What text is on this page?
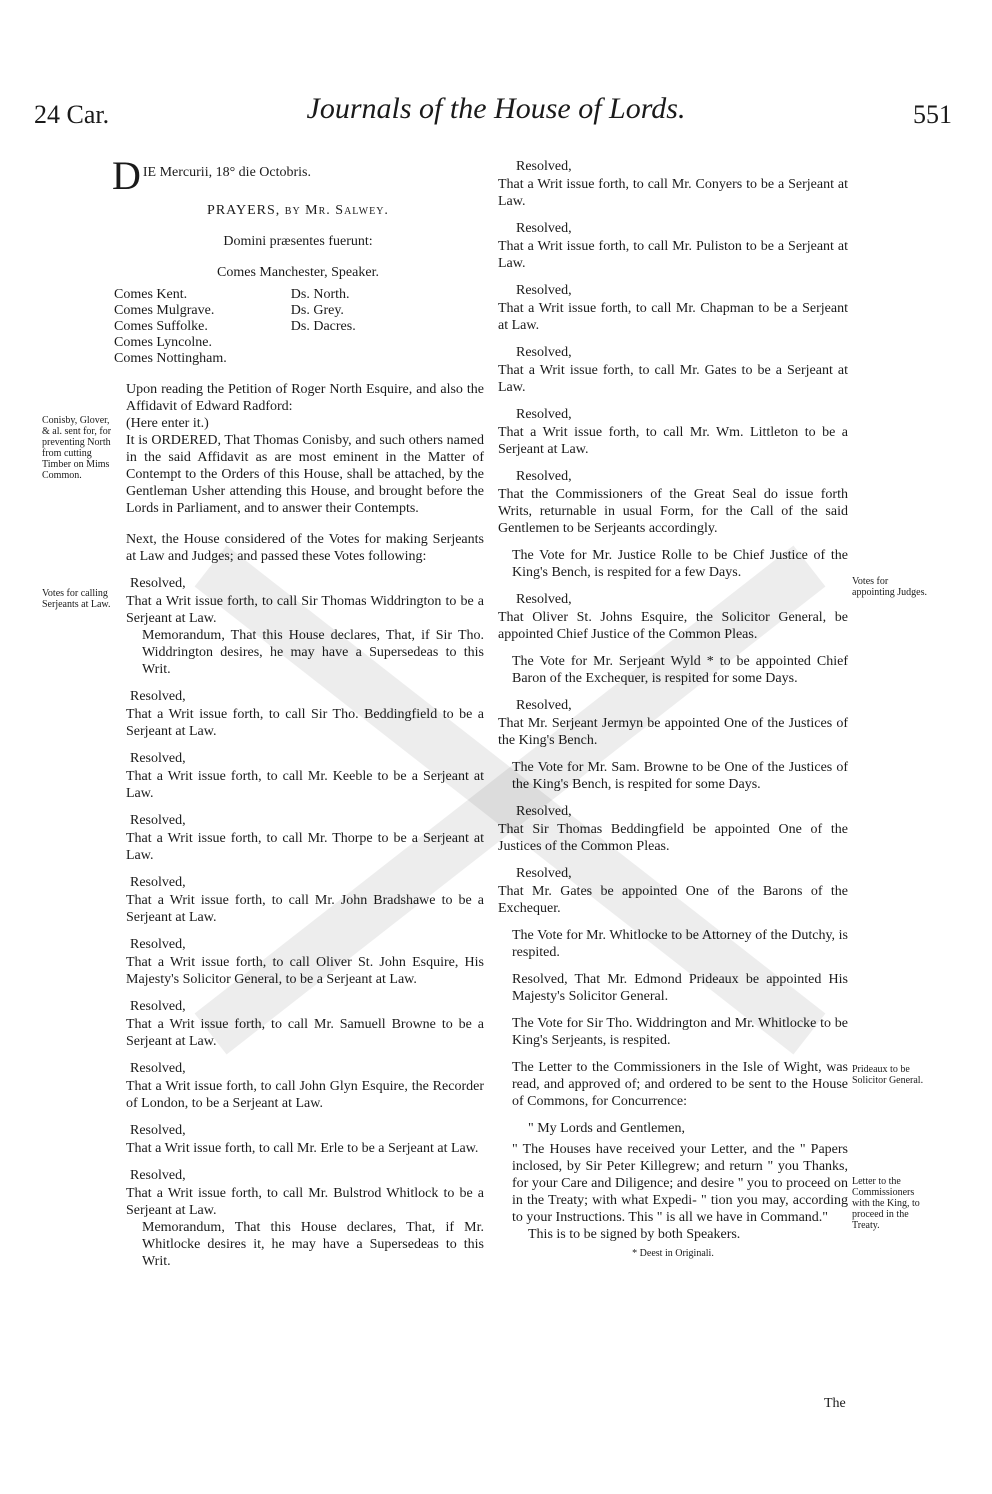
24 Car.	Journals of the House of Lords.	551
Conisby, Glover, & al. sent for, for preventing North from cutting Timber on Mims Common.
Votes for calling Serjeants at Law.
Votes for appointing Judges.
Prideaux to be Solicitor General.
Letter to the Commissioners with the King, to proceed in the Treaty.
D IE Mercurii, 18° die Octobris.

PRAYERS, by Mr. Salwey.

Domini præsentes fuerunt:

Comes Manchester, Speaker.

Comes Kent.
Comes Mulgrave.
Comes Suffolke.
Comes Lyncolne.
Comes Nottingham.
Ds. North.
Ds. Grey.
Ds. Dacres.

Upon reading the Petition of Roger North Esquire, and also the Affidavit of Edward Radford:

(Here enter it.)

It is ORDERED, That Thomas Conisby, and such others named in the said Affidavit as are most eminent in the Matter of Contempt to the Orders of this House, shall be attached, by the Gentleman Usher attending this House, and brought before the Lords in Parliament, and to answer their Contempts.

Next, the House considered of the Votes for making Serjeants at Law and Judges; and passed these Votes following:

Resolved,

That a Writ issue forth, to call Sir Thomas Widdrington to be a Serjeant at Law.

Memorandum, That this House declares, That, if Sir Tho. Widdrington desires, he may have a Supersedeas to this Writ.

Resolved,

That a Writ issue forth, to call Sir Tho. Beddingfield to be a Serjeant at Law.

Resolved,

That a Writ issue forth, to call Mr. Keeble to be a Serjeant at Law.

Resolved,

That a Writ issue forth, to call Mr. Thorpe to be a Serjeant at Law.

Resolved,

That a Writ issue forth, to call Mr. John Bradshawe to be a Serjeant at Law.

Resolved,

That a Writ issue forth, to call Oliver St. John Esquire, His Majesty's Solicitor General, to be a Serjeant at Law.

Resolved,

That a Writ issue forth, to call Mr. Samuell Browne to be a Serjeant at Law.

Resolved,

That a Writ issue forth, to call John Glyn Esquire, the Recorder of London, to be a Serjeant at Law.

Resolved,

That a Writ issue forth, to call Mr. Erle to be a Serjeant at Law.

Resolved,

That a Writ issue forth, to call Mr. Bulstrod Whitlock to be a Serjeant at Law.

Memorandum, That this House declares, That, if Mr. Whitlocke desires it, he may have a Supersedeas to this Writ.

Resolved,

That a Writ issue forth, to call Mr. Conyers to be a Serjeant at Law.

Resolved,

That a Writ issue forth, to call Mr. Puliston to be a Serjeant at Law.

Resolved,

That a Writ issue forth, to call Mr. Chapman to be a Serjeant at Law.

Resolved,

That a Writ issue forth, to call Mr. Gates to be a Serjeant at Law.

Resolved,

That a Writ issue forth, to call Mr. Wm. Littleton to be a Serjeant at Law.

Resolved,

That the Commissioners of the Great Seal do issue forth Writs, returnable in usual Form, for the Call of the said Gentlemen to be Serjeants accordingly.

The Vote for Mr. Justice Rolle to be Chief Justice of the King's Bench, is respited for a few Days.

Resolved,

That Oliver St. Johns Esquire, the Solicitor General, be appointed Chief Justice of the Common Pleas.

The Vote for Mr. Serjeant Wyld * to be appointed Chief Baron of the Exchequer, is respited for some Days.

Resolved,

That Mr. Serjeant Jermyn be appointed One of the Justices of the King's Bench.

The Vote for Mr. Sam. Browne to be One of the Justices of the King's Bench, is respited for some Days.

Resolved,

That Sir Thomas Beddingfield be appointed One of the Justices of the Common Pleas.

Resolved,

That Mr. Gates be appointed One of the Barons of the Exchequer.

The Vote for Mr. Whitlocke to be Attorney of the Dutchy, is respited.

Resolved, That Mr. Edmond Prideaux be appointed His Majesty's Solicitor General.

The Vote for Sir Tho. Widdrington and Mr. Whitlocke to be King's Serjeants, is respited.

The Letter to the Commissioners in the Isle of Wight, was read, and approved of; and ordered to be sent to the House of Commons, for Concurrence:

" My Lords and Gentlemen,

" The Houses have received your Letter, and the " Papers inclosed, by Sir Peter Killegrew; and return " you Thanks, for your Care and Diligence; and desire " you to proceed on in the Treaty; with what Expedi- " tion you may, according to your Instructions. This " is all we have in Command."

This is to be signed by both Speakers.

* Deest in Originali.

The
